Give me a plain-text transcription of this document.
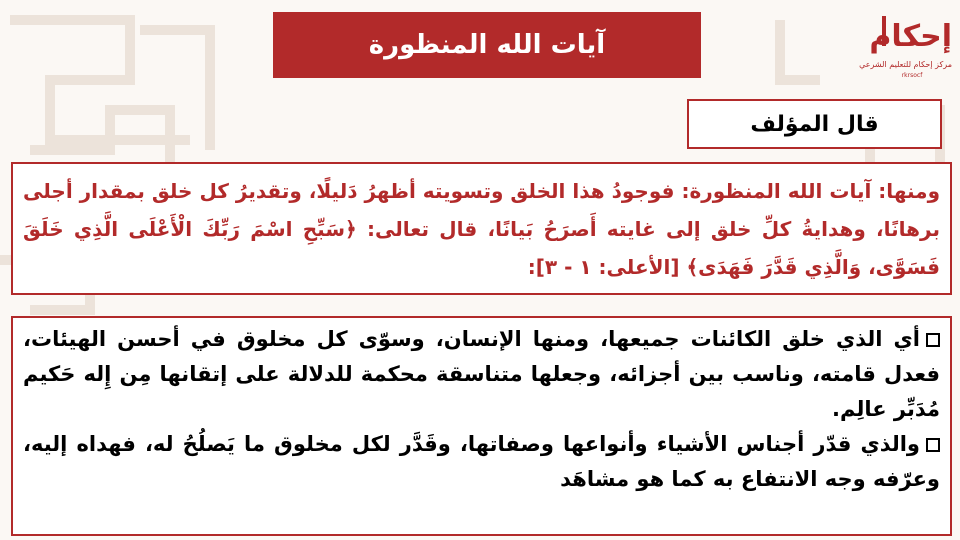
آيات الله المنظورة	إحكام
مركز إحكام للتعليم الشرعي
rkrsocf
قال المؤلف

ومنها: آيات الله المنظورة: فوجودُ هذا الخلق وتسويته أظهرُ دَليلًا، وتقديرُ كل خلق بمقدار أجلى برهانًا، وهدايةُ كلِّ خلق إلى غايته أَصرَحُ بَيانًا، قال تعالى: ﴿سَبِّحِ اسْمَ رَبِّكَ الْأَعْلَى الَّذِي خَلَقَ فَسَوَّى، وَالَّذِي قَدَّرَ فَهَدَى﴾ [الأعلى: ١ - ٣]:

أي الذي خلق الكائنات جميعها، ومنها الإنسان، وسوّى كل مخلوق في أحسن الهيئات، فعدل قامته، وناسب بين أجزائه، وجعلها متناسقة محكمة للدلالة على إتقانها مِن إِله حَكيم مُدَبِّر عالِم.

والذي قدّر أجناس الأشياء وأنواعها وصفاتها، وقَدَّر لكل مخلوق ما يَصلُحُ له، فهداه إليه، وعرّفه وجه الانتفاع به كما هو مشاهَد
